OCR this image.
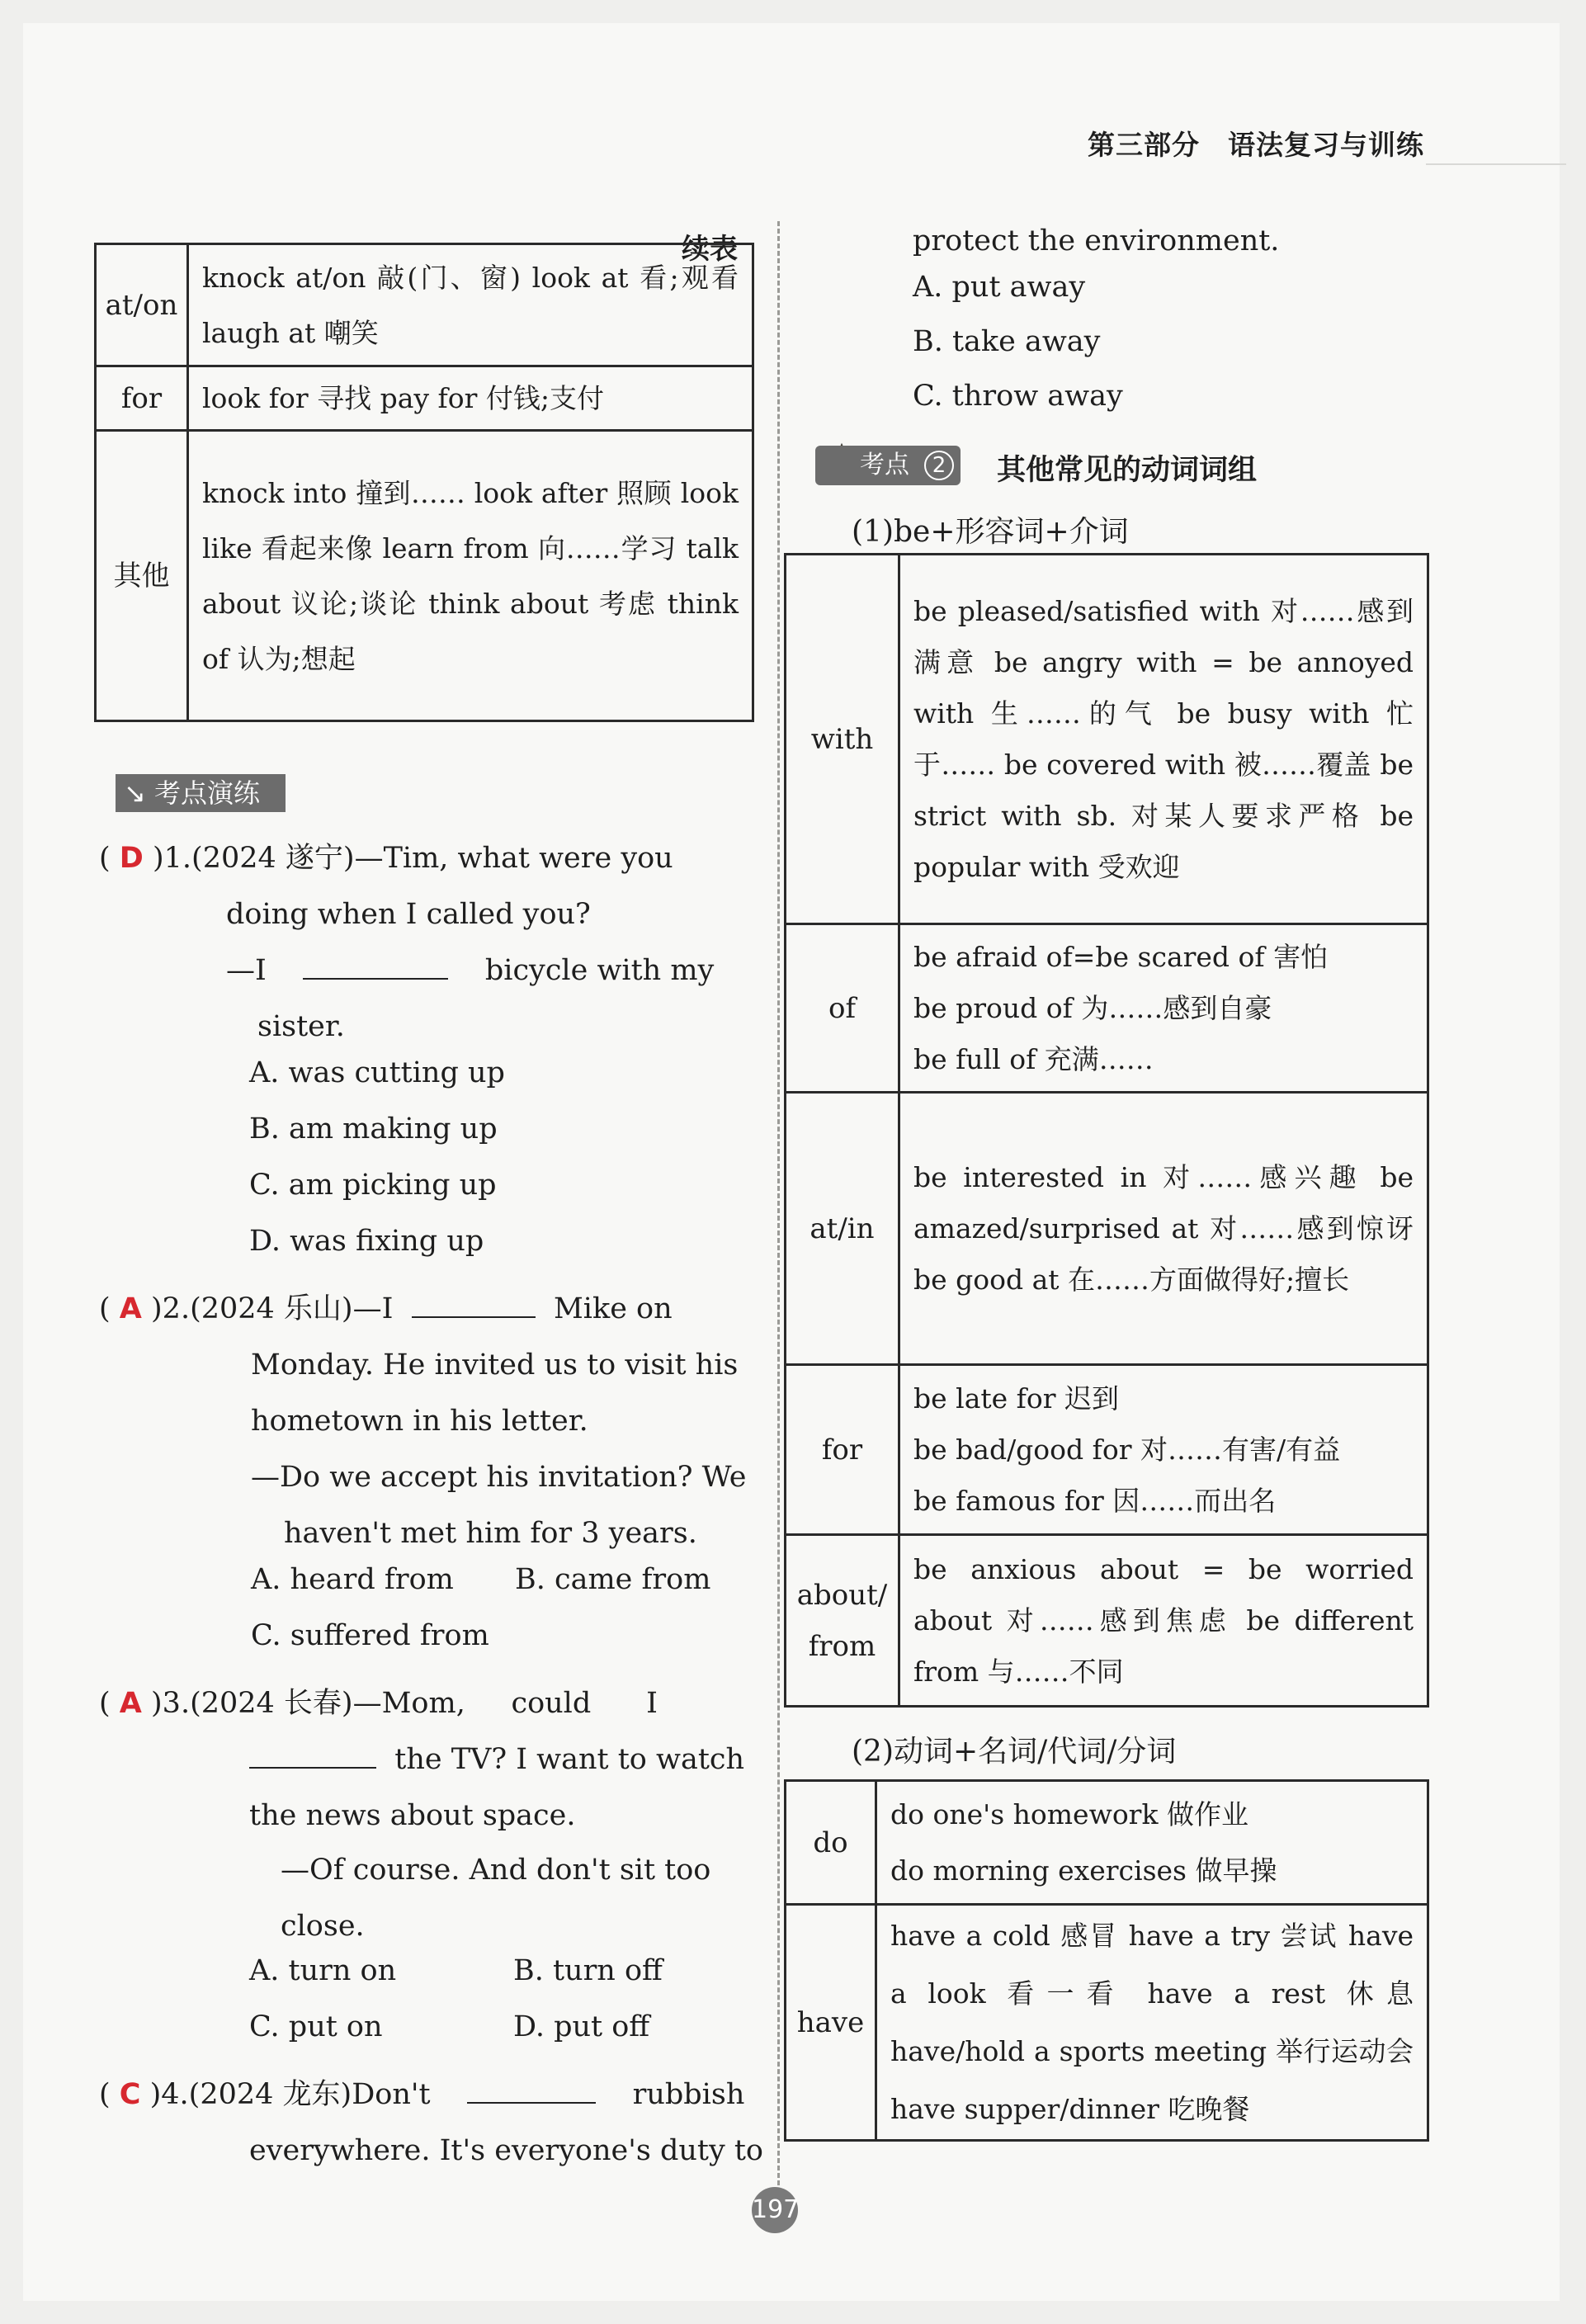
第三部分　语法复习与训练
续表
at/on	knock at/on 敲(门、窗) look at 看;观看 laugh at 嘲笑
for	look for 寻找 pay for 付钱;支付
其他	knock into 撞到…… look after 照顾 look like 看起来像 learn from 向……学习 talk about 议论;谈论 think about 考虑 think of 认为;想起
↘ 考点演练
( D )1.(2024 遂宁)—Tim, what were you
doing when I called you?
—I	bicycle with my
sister.
A. was cutting up
B. am making up
C. am picking up
D. was fixing up
( A )2.(2024 乐山)—I	Mike on
Monday. He invited us to visit his
hometown in his letter.
—Do we accept his invitation? We
haven't met him for 3 years.
A. heard from B. came from
C. suffered from
( A )3.(2024 长春)—Mom, could I
the TV? I want to watch
the news about space.
—Of course. And don't sit too
close.
A. turn on	B. turn off
C. put on	D. put off
( C )4.(2024 龙东)Don't	rubbish
everywhere. It's everyone's duty to
protect the environment.
A. put away
B. take away
C. throw away
考点	2 其他常见的动词词组
(1)be+形容词+介词
with	be pleased/satisfied with 对……感到满意 be angry with = be annoyed with 生……的气 be busy with 忙于…… be covered with 被……覆盖 be strict with sb. 对某人要求严格 be popular with 受欢迎
of	be afraid of=be scared of 害怕
be proud of 为……感到自豪
be full of 充满……

at/in	be interested in 对……感兴趣 be amazed/surprised at 对……感到惊讶 be good at 在……方面做得好;擅长
for	be late for 迟到
be bad/good for 对……有害/有益
be famous for 因……而出名

about/ from	be anxious about = be worried about 对……感到焦虑 be different from 与……不同
(2)动词+名词/代词/分词
do	do one's homework 做作业
do morning exercises 做早操

have	have a cold 感冒 have a try 尝试 have a look 看一看 have a rest 休息 have/hold a sports meeting 举行运动会 have supper/dinner 吃晚餐
197
